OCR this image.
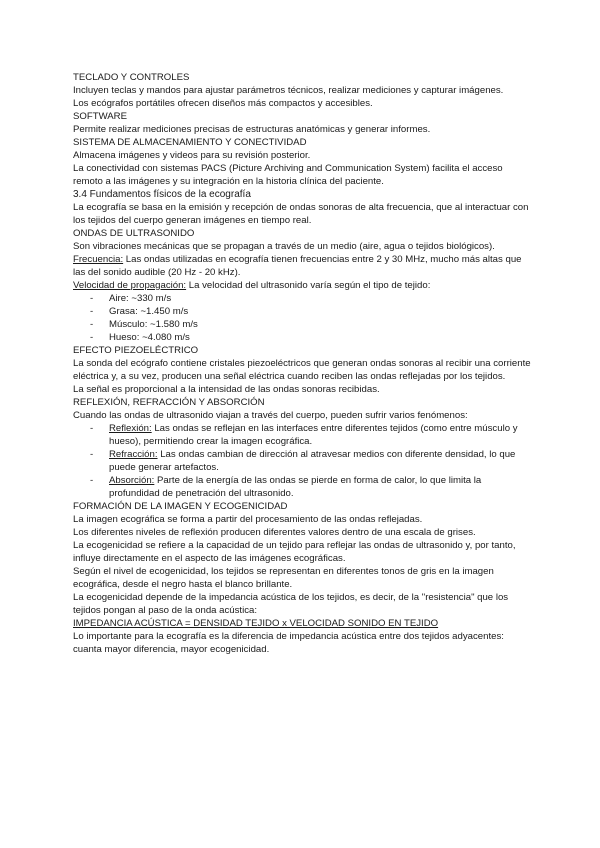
TECLADO Y CONTROLES

Incluyen teclas y mandos para ajustar parámetros técnicos, realizar mediciones y capturar imágenes.

Los ecógrafos portátiles ofrecen diseños más compactos y accesibles.

SOFTWARE

Permite realizar mediciones precisas de estructuras anatómicas y generar informes.

SISTEMA DE ALMACENAMIENTO Y CONECTIVIDAD

Almacena imágenes y videos para su revisión posterior.

La conectividad con sistemas PACS (Picture Archiving and Communication System) facilita el acceso remoto a las imágenes y su integración en la historia clínica del paciente.

3.4 Fundamentos físicos de la ecografía

La ecografía se basa en la emisión y recepción de ondas sonoras de alta frecuencia, que al interactuar con los tejidos del cuerpo generan imágenes en tiempo real.

ONDAS DE ULTRASONIDO

Son vibraciones mecánicas que se propagan a través de un medio (aire, agua o tejidos biológicos).

Frecuencia: Las ondas utilizadas en ecografía tienen frecuencias entre 2 y 30 MHz, mucho más altas que las del sonido audible (20 Hz - 20 kHz).

Velocidad de propagación: La velocidad del ultrasonido varía según el tipo de tejido:

- Aire: ~330 m/s
- Grasa: ~1.450 m/s
- Músculo: ~1.580 m/s
- Hueso: ~4.080 m/s

EFECTO PIEZOELÉCTRICO

La sonda del ecógrafo contiene cristales piezoeléctricos que generan ondas sonoras al recibir una corriente eléctrica y, a su vez, producen una señal eléctrica cuando reciben las ondas reflejadas por los tejidos.

La señal es proporcional a la intensidad de las ondas sonoras recibidas.

REFLEXIÓN, REFRACCIÓN Y ABSORCIÓN

Cuando las ondas de ultrasonido viajan a través del cuerpo, pueden sufrir varios fenómenos:

- Reflexión: Las ondas se reflejan en las interfaces entre diferentes tejidos (como entre músculo y hueso), permitiendo crear la imagen ecográfica.
- Refracción: Las ondas cambian de dirección al atravesar medios con diferente densidad, lo que puede generar artefactos.
- Absorción: Parte de la energía de las ondas se pierde en forma de calor, lo que limita la profundidad de penetración del ultrasonido.

FORMACIÓN DE LA IMAGEN Y ECOGENICIDAD

La imagen ecográfica se forma a partir del procesamiento de las ondas reflejadas.

Los diferentes niveles de reflexión producen diferentes valores dentro de una escala de grises.

La ecogenicidad se refiere a la capacidad de un tejido para reflejar las ondas de ultrasonido y, por tanto, influye directamente en el aspecto de las imágenes ecográficas.

Según el nivel de ecogenicidad, los tejidos se representan en diferentes tonos de gris en la imagen ecográfica, desde el negro hasta el blanco brillante.

La ecogenicidad depende de la impedancia acústica de los tejidos, es decir, de la "resistencia" que los tejidos pongan al paso de la onda acústica:

IMPEDANCIA ACÚSTICA = DENSIDAD TEJIDO x VELOCIDAD SONIDO EN TEJIDO

Lo importante para la ecografía es la diferencia de impedancia acústica entre dos tejidos adyacentes: cuanta mayor diferencia, mayor ecogenicidad.
